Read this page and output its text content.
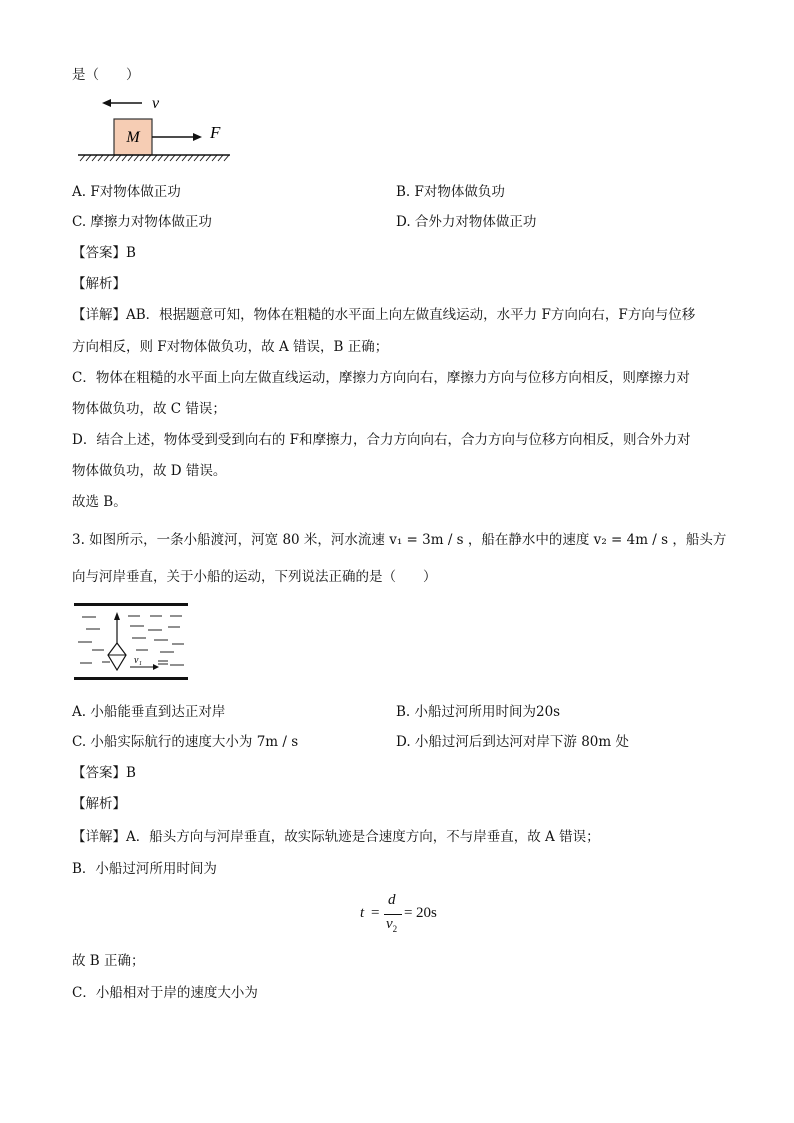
是（　　）
v
M	F
A. F对物体做正功	B. F对物体做负功
C. 摩擦力对物体做正功	D. 合外力对物体做正功
【答案】B
【解析】
【详解】AB．根据题意可知，物体在粗糙的水平面上向左做直线运动，水平力 F方向向右，F方向与位移
方向相反，则 F对物体做负功，故 A 错误，B 正确；
C．物体在粗糙的水平面上向左做直线运动，摩擦力方向向右，摩擦力方向与位移方向相反，则摩擦力对
物体做负功，故 C 错误；
D．结合上述，物体受到受到向右的 F和摩擦力，合力方向向右，合力方向与位移方向相反，则合外力对
物体做负功，故 D 错误。
故选 B。
3. 如图所示，一条小船渡河，河宽 80 米，河水流速 v₁ = 3m / s ，船在静水中的速度 v₂ = 4m / s ，船头方
向与河岸垂直，关于小船的运动，下列说法正确的是（　　）
v₁
A. 小船能垂直到达正对岸	B. 小船过河所用时间为20s
C. 小船实际航行的速度大小为 7m / s	D. 小船过河后到达河对岸下游 80m 处
【答案】B
【解析】
【详解】A．船头方向与河岸垂直，故实际轨迹是合速度方向，不与岸垂直，故 A 错误；
B．小船过河所用时间为
t =
d
$v_2$
= 20s
故 B 正确；
C．小船相对于岸的速度大小为
